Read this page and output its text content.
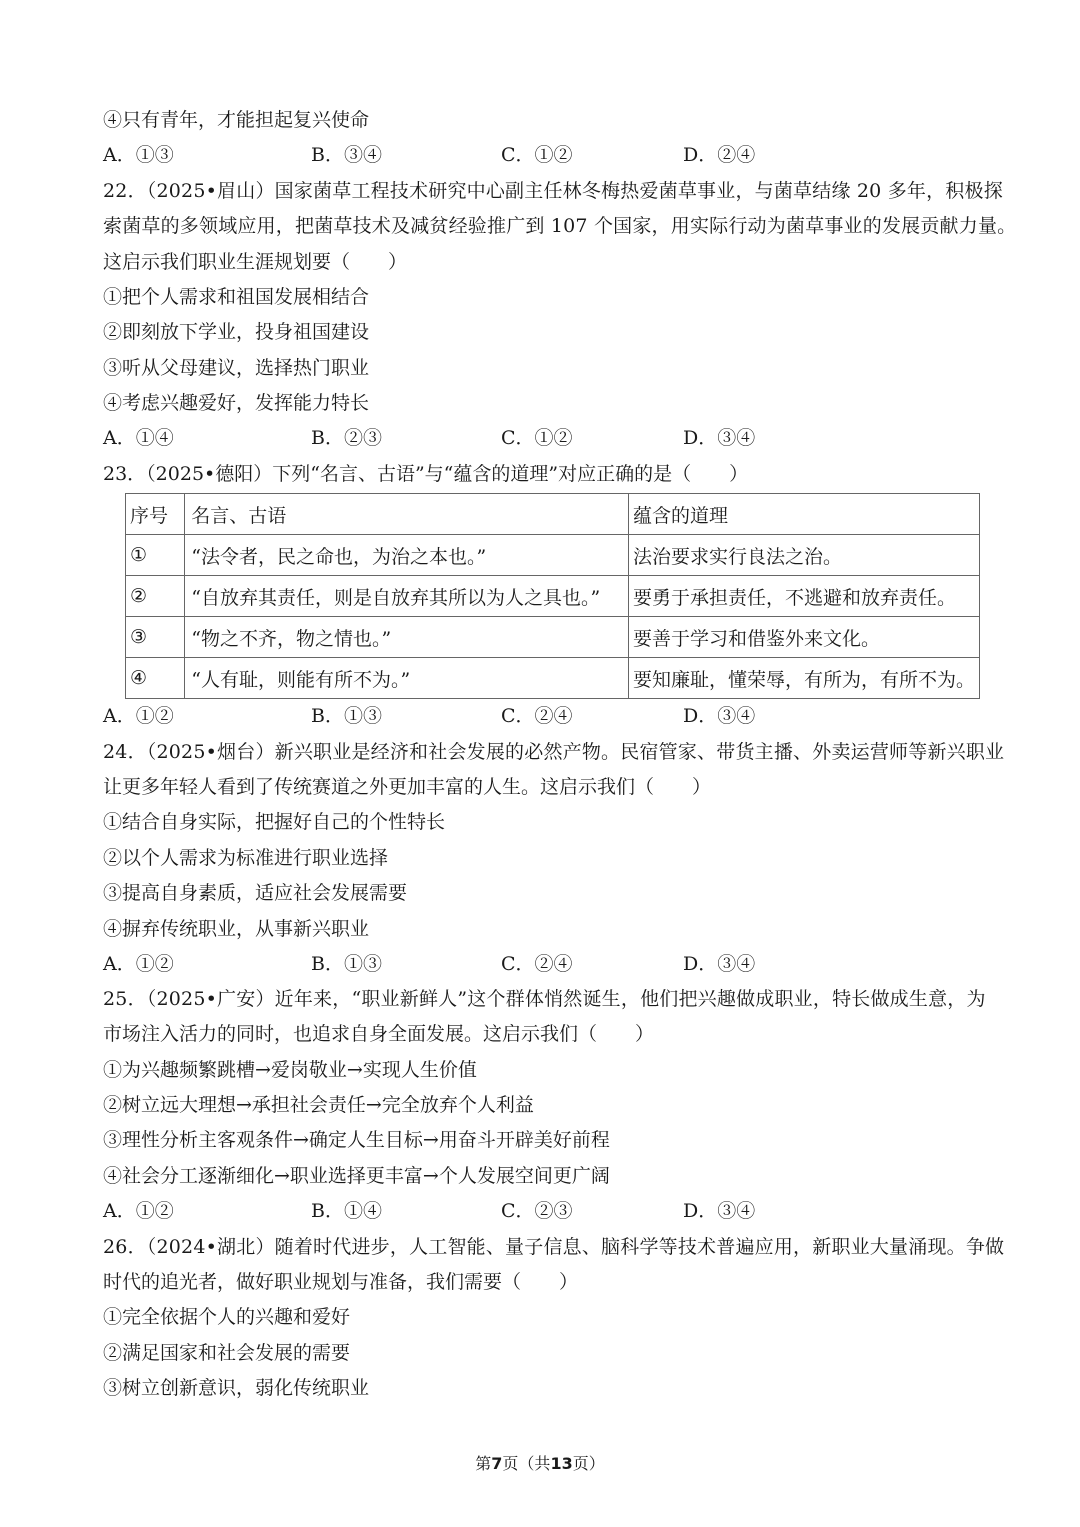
④只有青年，才能担起复兴使命
A．①③	B．③④	C．①②	D．②④
22．（2025•眉山）国家菌草工程技术研究中心副主任林冬梅热爱菌草事业，与菌草结缘 20 多年，积极探
索菌草的多领域应用，把菌草技术及减贫经验推广到 107 个国家，用实际行动为菌草事业的发展贡献力量。
这启示我们职业生涯规划要（　　）
①把个人需求和祖国发展相结合
②即刻放下学业，投身祖国建设
③听从父母建议，选择热门职业
④考虑兴趣爱好，发挥能力特长
A．①④	B．②③	C．①②	D．③④
23．（2025•德阳）下列“名言、古语”与“蕴含的道理”对应正确的是（　　）
序号	名言、古语	蕴含的道理
①	“法令者，民之命也，为治之本也。”	法治要求实行良法之治。
②	“自放弃其责任，则是自放弃其所以为人之具也。”	要勇于承担责任，不逃避和放弃责任。
③	“物之不齐，物之情也。”	要善于学习和借鉴外来文化。
④	“人有耻，则能有所不为。”	要知廉耻，懂荣辱，有所为，有所不为。
A．①②	B．①③	C．②④	D．③④
24．（2025•烟台）新兴职业是经济和社会发展的必然产物。民宿管家、带货主播、外卖运营师等新兴职业
让更多年轻人看到了传统赛道之外更加丰富的人生。这启示我们（　　）
①结合自身实际，把握好自己的个性特长
②以个人需求为标准进行职业选择
③提高自身素质，适应社会发展需要
④摒弃传统职业，从事新兴职业
A．①②	B．①③	C．②④	D．③④
25．（2025•广安）近年来，“职业新鲜人”这个群体悄然诞生，他们把兴趣做成职业，特长做成生意，为
市场注入活力的同时，也追求自身全面发展。这启示我们（　　）
①为兴趣频繁跳槽→爱岗敬业→实现人生价值
②树立远大理想→承担社会责任→完全放弃个人利益
③理性分析主客观条件→确定人生目标→用奋斗开辟美好前程
④社会分工逐渐细化→职业选择更丰富→个人发展空间更广阔
A．①②	B．①④	C．②③	D．③④
26．（2024•湖北）随着时代进步，人工智能、量子信息、脑科学等技术普遍应用，新职业大量涌现。争做
时代的追光者，做好职业规划与准备，我们需要（　　）
①完全依据个人的兴趣和爱好
②满足国家和社会发展的需要
③树立创新意识，弱化传统职业
第7页（共13页）
